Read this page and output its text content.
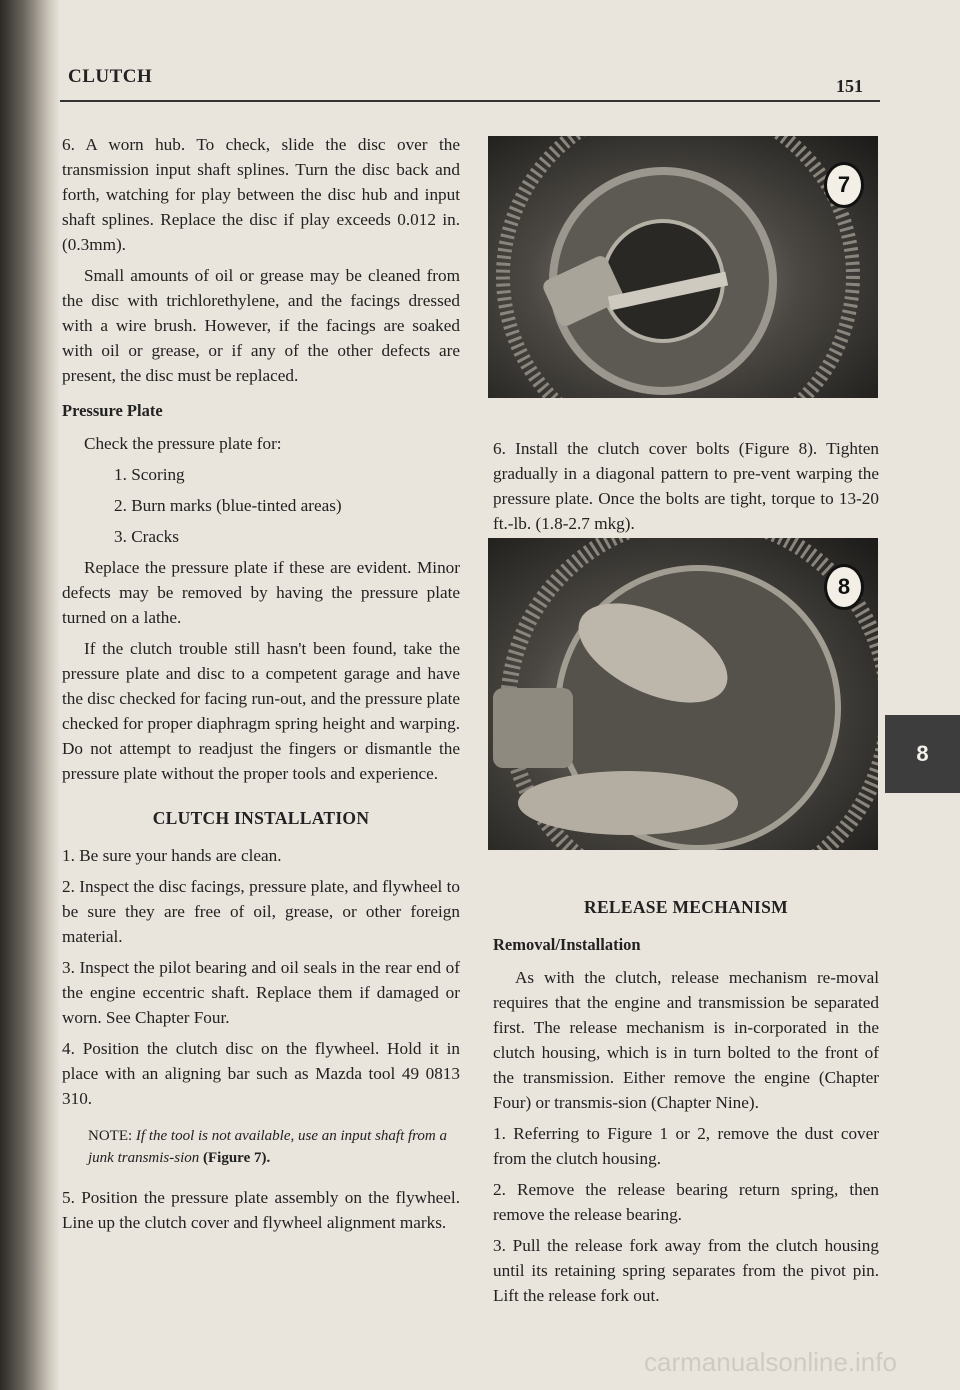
CLUTCH	151

6. A worn hub. To check, slide the disc over the transmission input shaft splines. Turn the disc back and forth, watching for play between the disc hub and input shaft splines. Replace the disc if play exceeds 0.012 in. (0.3mm).

Small amounts of oil or grease may be cleaned from the disc with trichlorethylene, and the facings dressed with a wire brush. However, if the facings are soaked with oil or grease, or if any of the other defects are present, the disc must be replaced.

Pressure Plate

Check the pressure plate for:

1. Scoring
2. Burn marks (blue-tinted areas)
3. Cracks

Replace the pressure plate if these are evident. Minor defects may be removed by having the pressure plate turned on a lathe.

If the clutch trouble still hasn't been found, take the pressure plate and disc to a competent garage and have the disc checked for facing run-out, and the pressure plate checked for proper diaphragm spring height and warping. Do not attempt to readjust the fingers or dismantle the pressure plate without the proper tools and experience.

CLUTCH INSTALLATION

1. Be sure your hands are clean.

2. Inspect the disc facings, pressure plate, and flywheel to be sure they are free of oil, grease, or other foreign material.

3. Inspect the pilot bearing and oil seals in the rear end of the engine eccentric shaft. Replace them if damaged or worn. See Chapter Four.

4. Position the clutch disc on the flywheel. Hold it in place with an aligning bar such as Mazda tool 49 0813 310.

NOTE: If the tool is not available, use an input shaft from a junk transmis-sion (Figure 7).

5. Position the pressure plate assembly on the flywheel. Line up the clutch cover and flywheel alignment marks.

7

6. Install the clutch cover bolts (Figure 8). Tighten gradually in a diagonal pattern to pre-vent warping the pressure plate. Once the bolts are tight, torque to 13-20 ft.-lb. (1.8-2.7 mkg).

8
RELEASE MECHANISM
Removal/Installation

As with the clutch, release mechanism re-moval requires that the engine and transmission be separated first. The release mechanism is in-corporated in the clutch housing, which is in turn bolted to the front of the transmission. Either remove the engine (Chapter Four) or transmis-sion (Chapter Nine).

1. Referring to Figure 1 or 2, remove the dust cover from the clutch housing.

2. Remove the release bearing return spring, then remove the release bearing.

3. Pull the release fork away from the clutch housing until its retaining spring separates from the pivot pin. Lift the release fork out.

8
carmanualsonline.info
